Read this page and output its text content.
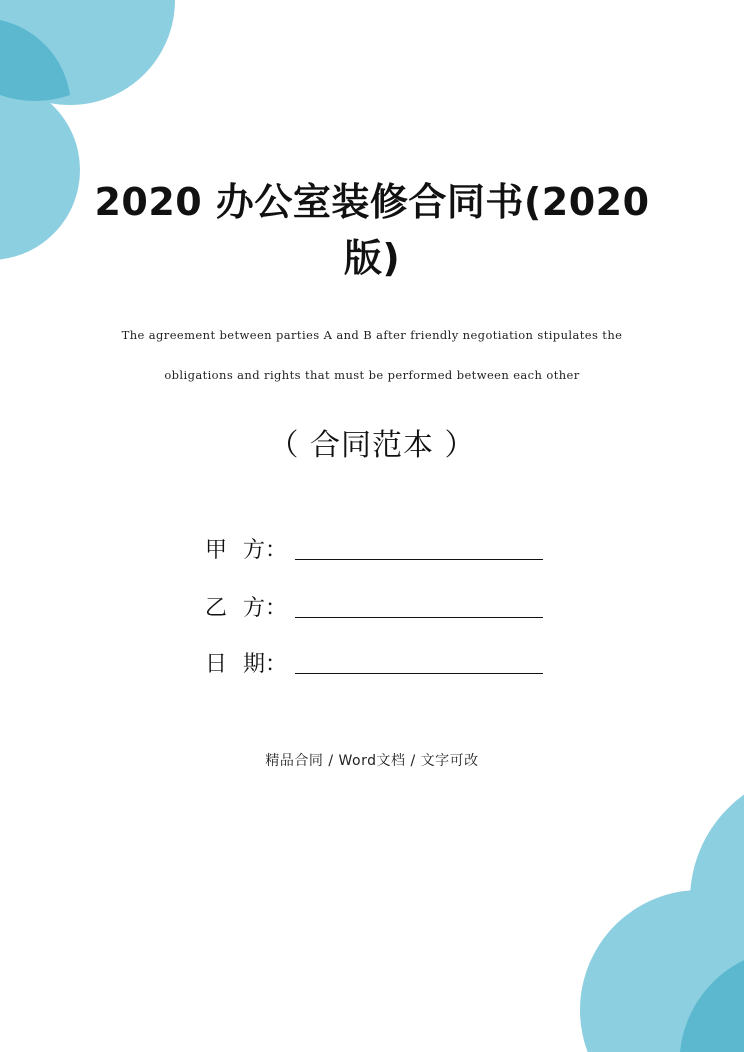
2020 办公室装修合同书(2020
版)
The agreement between parties A and B after friendly negotiation stipulates the
obligations and rights that must be performed between each other
（ 合同范本 ）
甲 方：
乙 方：
日 期：
精品合同 / Word文档 / 文字可改
